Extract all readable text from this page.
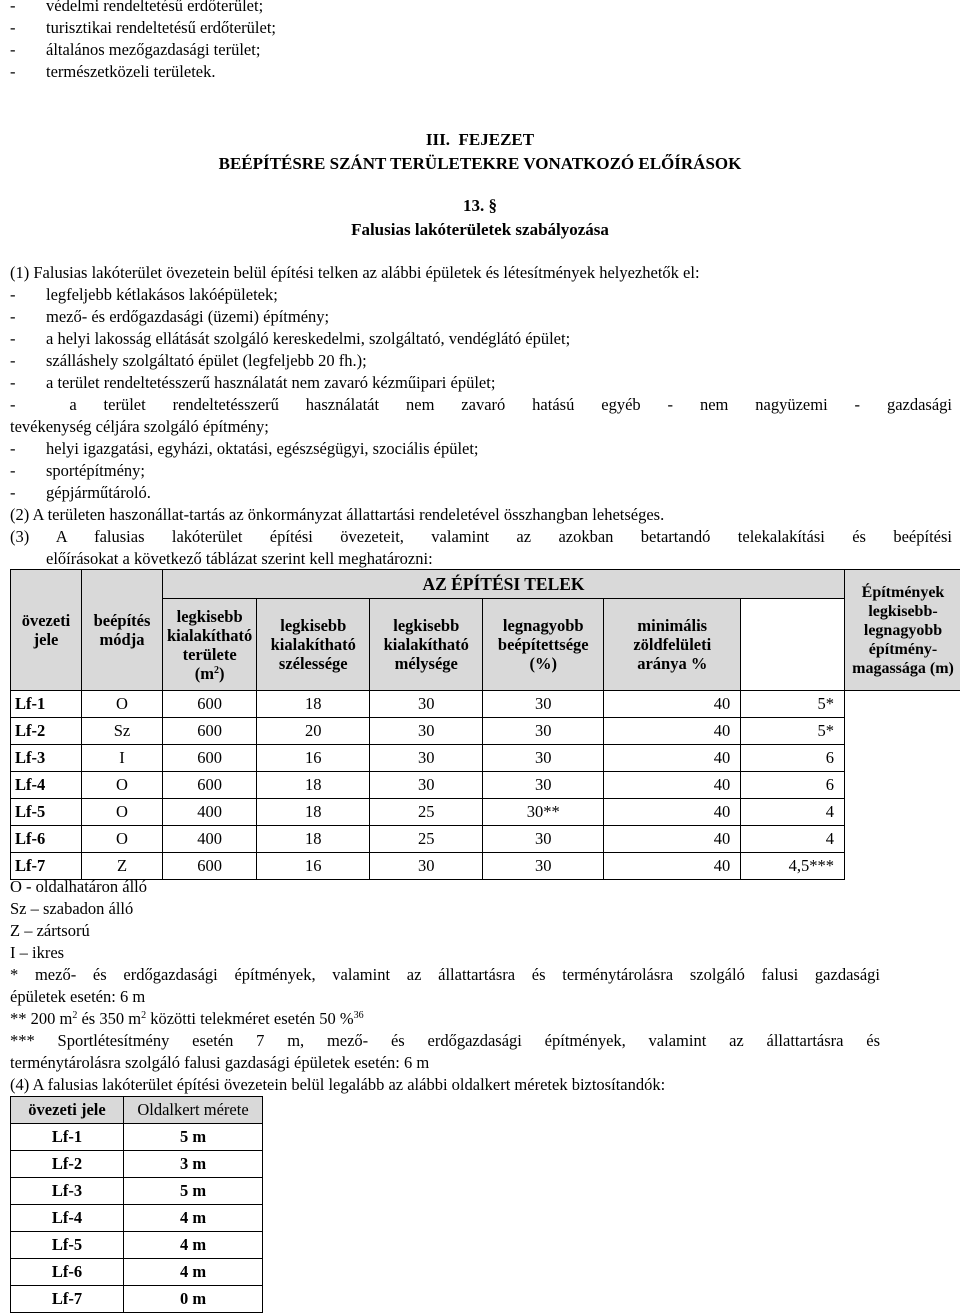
- védelmi rendeltetésű erdőterület;
- turisztikai rendeltetésű erdőterület;
- általános mezőgazdasági terület;
- természetközeli területek.
III.  FEJEZET
BEÉPÍTÉSRE SZÁNT TERÜLETEKRE VONATKOZÓ ELŐÍRÁSOK
13. §
Falusias lakóterületek szabályozása
(1) Falusias lakóterület övezetein belül építési telken az alábbi épületek és létesítmények helyezhetők el:
- legfeljebb kétlakásos lakóépületek;
- mező- és erdőgazdasági (üzemi) építmény;
- a helyi lakosság ellátását szolgáló kereskedelmi, szolgáltató, vendéglátó épület;
- szálláshely szolgáltató épület (legfeljebb 20 fh.);
- a terület rendeltetésszerű használatát nem zavaró kézműipari épület;
-	a terület rendeltetésszerű használatát nem zavaró hatású egyéb - nem nagyüzemi - gazdasági
tevékenység céljára szolgáló építmény;
- helyi igazgatási, egyházi, oktatási, egészségügyi, szociális épület;
- sportépítmény;
- gépjárműtároló.
(2) A területen haszonállat-tartás az önkormányzat állattartási rendeletével összhangban lehetséges.
(3) A falusias lakóterület építési övezeteit, valamint az azokban betartandó telekalakítási és beépítési
előírásokat a következő táblázat szerint kell meghatározni:
övezeti jele	beépítés módja	AZ ÉPÍTÉSI TELEK						Építmények legkisebb-legnagyobb építmény-magassága (m)
		legkisebb kialakítható területe
$(m^2)$	legkisebb kialakítható szélessége	legkisebb kialakítható mélysége	legnagyobb beépítettsége (%)	minimális zöldfelületi aránya %		
Lf-1	O	600	18	30	30	40	5*	
Lf-2	Sz	600	20	30	30	40	5*	
Lf-3	I	600	16	30	30	40	6	
Lf-4	O	600	18	30	30	40	6	
Lf-5	O	400	18	25	30**	40	4	
Lf-6	O	400	18	25	30	40	4	
Lf-7	Z	600	16	30	30	40	4,5***	
O - oldalhatáron álló
Sz – szabadon álló
Z – zártsorú
I – ikres
* mező- és erdőgazdasági építmények, valamint az állattartásra és terménytárolásra szolgáló falusi gazdasági
épületek esetén: 6 m
** 200 $m^2$ és 350 $m^2$ közötti telekméret esetén 50 %$^{36}$
*** Sportlétesítmény esetén 7 m, mező- és erdőgazdasági építmények, valamint az állattartásra és
terménytárolásra szolgáló falusi gazdasági épületek esetén: 6 m
(4) A falusias lakóterület építési övezetein belül legalább az alábbi oldalkert méretek biztosítandók:
övezeti jele	Oldalkert mérete
Lf-1	5 m
Lf-2	3 m
Lf-3	5 m
Lf-4	4 m
Lf-5	4 m
Lf-6	4 m
Lf-7	0 m
